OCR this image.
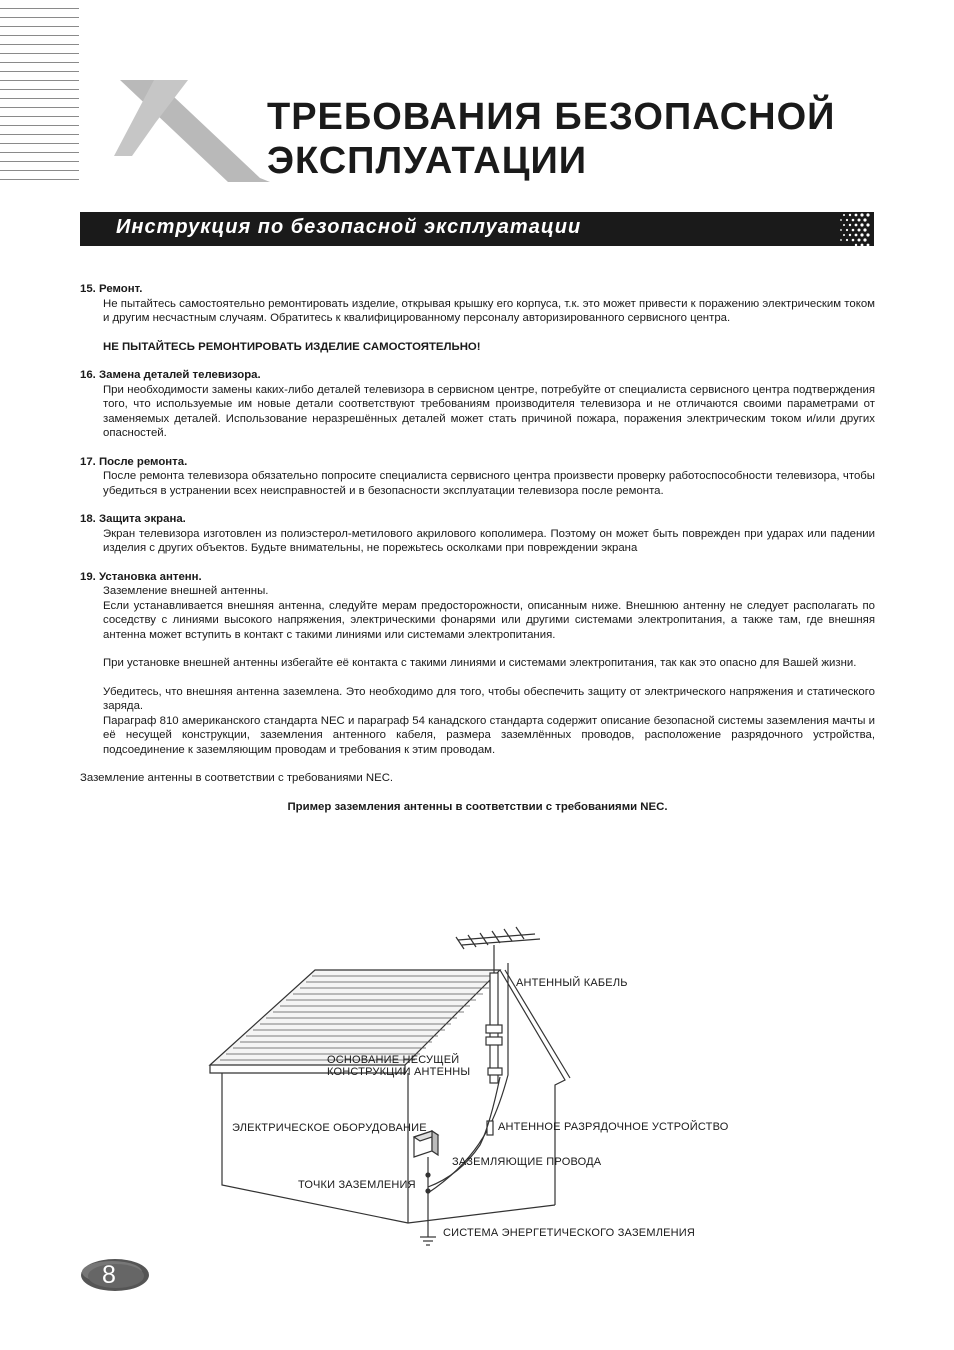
ТРЕБОВАНИЯ БЕЗОПАСНОЙ
ЭКСПЛУАТАЦИИ
Инструкция по безопасной эксплуатации
15. Ремонт.

Не пытайтесь самостоятельно ремонтировать изделие, открывая крышку его корпуса, т.к. это может привести к поражению электрическим током и другим несчастным случаям. Обратитесь к квалифицированному персоналу авторизированного сервисного центра.

НЕ ПЫТАЙТЕСЬ РЕМОНТИРОВАТЬ ИЗДЕЛИЕ САМОСТОЯТЕЛЬНО!
16. Замена деталей телевизора.

При необходимости замены каких-либо деталей телевизора в сервисном центре, потребуйте от специалиста сервисного центра подтверждения того, что используемые им новые детали соответствуют требованиям производителя телевизора и не отличаются своими параметрами от заменяемых деталей. Использование неразрешённых деталей может стать причиной пожара, поражения электрическим током и/или других опасностей.

17. После ремонта.

После ремонта телевизора обязательно попросите специалиста сервисного центра произвести проверку работоспособности телевизора, чтобы убедиться в устранении всех неисправностей и в безопасности эксплуатации телевизора после ремонта.

18. Защита экрана.

Экран телевизора изготовлен из полиэстерол-метилового акрилового кополимера. Поэтому он может быть поврежден при ударах или падении изделия с других объектов. Будьте внимательны, не порежьтесь осколками при повреждении экрана

19. Установка антенн.

Заземление внешней антенны.

Если устанавливается внешняя антенна, следуйте мерам предосторожности, описанным ниже. Внешнюю антенну не следует располагать по соседству с линиями высокого напряжения, электрическими фонарями или другими системами электропитания, а также там, где внешняя антенна может вступить в контакт с такими линиями или системами электропитания.

При установке внешней антенны избегайте её контакта с такими линиями и системами электропитания, так как это опасно для Вашей жизни.

Убедитесь, что внешняя антенна заземлена. Это необходимо для того, чтобы обеспечить защиту от электрического напряжения и статического заряда.

Параграф 810 американского стандарта NEC и параграф 54 канадского стандарта содержит описание безопасной системы заземления мачты и её несущей конструкции, заземления антенного кабеля, размера заземлённых проводов, расположение разрядочного устройства, подсоединение к заземляющим проводам и требования к этим проводам.

Заземление антенны в соответствии с требованиями NEC.
Пример заземления антенны в соответствии с требованиями NEC.
АНТЕННЫЙ КАБЕЛЬ
ОСНОВАНИЕ НЕСУЩЕЙ
КОНСТРУКЦИИ АНТЕННЫ
ЭЛЕКТРИЧЕСКОЕ ОБОРУДОВАНИЕ	АНТЕННОЕ РАЗРЯДОЧНОЕ УСТРОЙСТВО
ЗАЗЕМЛЯЮЩИЕ ПРОВОДА
ТОЧКИ ЗАЗЕМЛЕНИЯ
СИСТЕМА ЭНЕРГЕТИЧЕСКОГО ЗАЗЕМЛЕНИЯ
8
